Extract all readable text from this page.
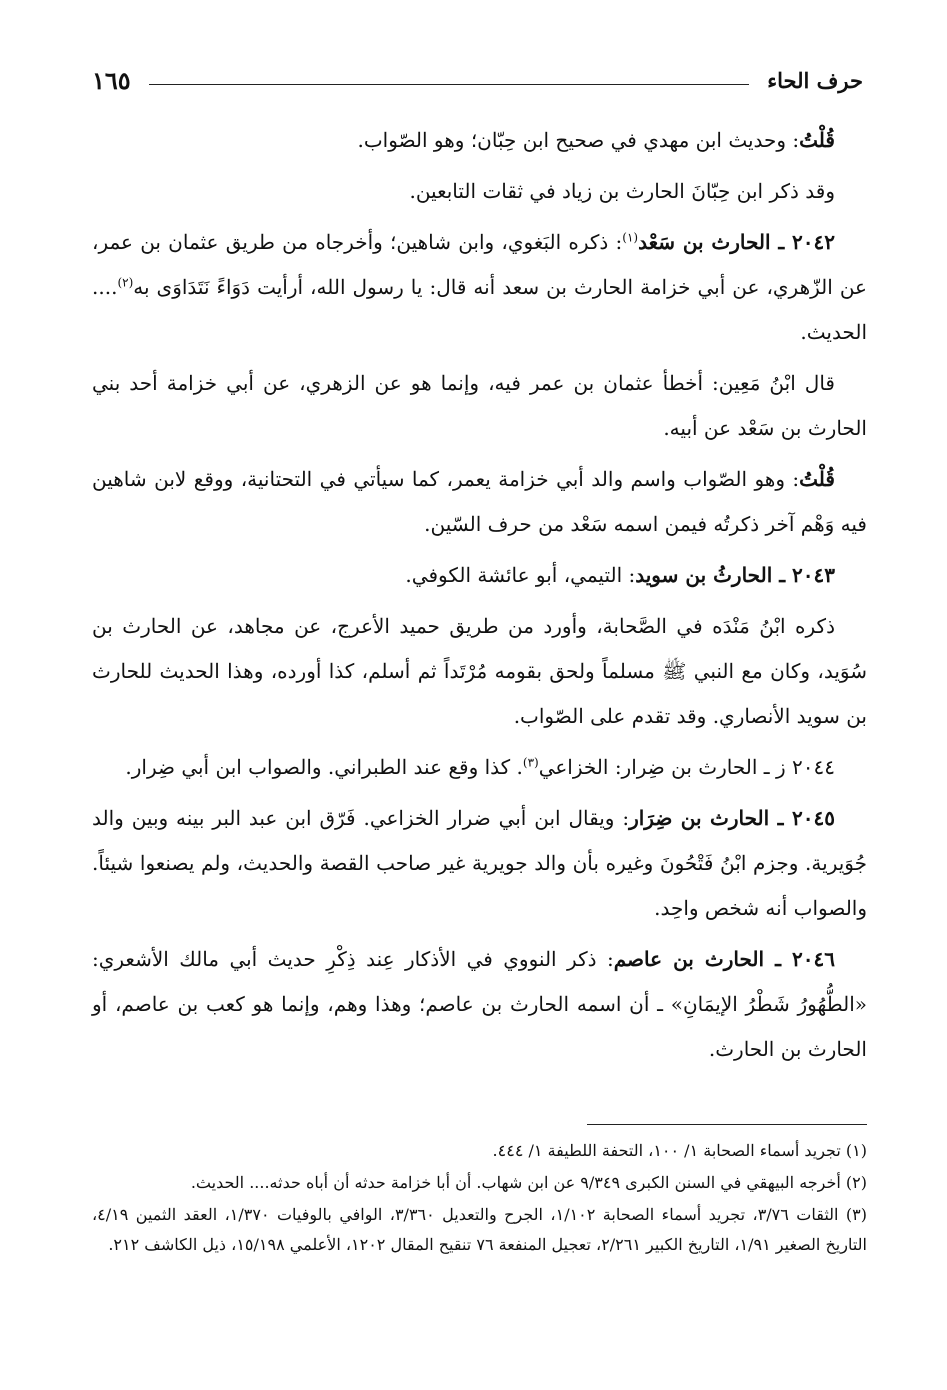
حرف الحاء
١٦٥

قُلْتُ: وحديث ابن مهدي في صحيح ابن حِبّان؛ وهو الصّواب.

وقد ذكر ابن حِبّانَ الحارث بن زياد في ثقات التابعين.

٢٠٤٢ ـ الحارث بن سَعْد$^{(١)}$: ذكره البَغوي، وابن شاهين؛ وأخرجاه من طريق عثمان بن عمر، عن الزّهري، عن أبي خزامة الحارث بن سعد أنه قال: يا رسول الله، أرأيت دَوَاءً نَتَدَاوَى به$^{(٢)}$.... الحديث.

قال ابْنُ مَعِين: أخطأ عثمان بن عمر فيه، وإنما هو عن الزهري، عن أبي خزامة أحد بني الحارث بن سَعْد عن أبيه.

قُلْتُ: وهو الصّواب واسم والد أبي خزامة يعمر، كما سيأتي في التحتانية، ووقع لابن شاهين فيه وَهْم آخر ذكرتُه فيمن اسمه سَعْد من حرف السّين.

٢٠٤٣ ـ الحارثُ بن سويد: التيمي، أبو عائشة الكوفي.

ذكره ابْنُ مَنْدَه في الصَّحابة، وأورد من طريق حميد الأعرج، عن مجاهد، عن الحارث بن سُوَيد، وكان مع النبي ﷺ مسلماً ولحق بقومه مُرْتَداً ثم أسلم، كذا أورده، وهذا الحديث للحارث بن سويد الأنصاري. وقد تقدم على الصّواب.

٢٠٤٤ ز ـ الحارث بن ضِرار: الخزاعي$^{(٣)}$. كذا وقع عند الطبراني. والصواب ابن أبي ضِرار.

٢٠٤٥ ـ الحارث بن ضِرَار: ويقال ابن أبي ضرار الخزاعي. فَرّق ابن عبد البر بينه وبين والد جُوَيرية. وجزم ابْنُ فَتْحُونَ وغيره بأن والد جويرية غير صاحب القصة والحديث، ولم يصنعوا شيئاً. والصواب أنه شخص واحِد.

٢٠٤٦ ـ الحارث بن عاصم: ذكر النووي في الأذكار عِند ذِكْرِ حديث أبي مالك الأشعري: «الطُّهُورُ شَطْرُ الإيمَانِ» ـ أن اسمه الحارث بن عاصم؛ وهذا وهم، وإنما هو كعب بن عاصم، أو الحارث بن الحارث.

(١) تجريد أسماء الصحابة ١/ ١٠٠، التحفة اللطيفة ١/ ٤٤٤.

(٢) أخرجه البيهقي في السنن الكبرى ٩/٣٤٩ عن ابن شهاب. أن أبا خزامة حدثه أن أباه حدثه.... الحديث.

(٣) الثقات ٣/٧٦، تجريد أسماء الصحابة ١/١٠٢، الجرح والتعديل ٣/٣٦٠، الوافي بالوفيات ١/٣٧٠، العقد الثمين ٤/١٩، التاريخ الصغير ١/٩١، التاريخ الكبير ٢/٢٦١، تعجيل المنفعة ٧٦ تنقيح المقال ١٢٠٢، الأعلمي ١٥/١٩٨، ذيل الكاشف ٢١٢.
